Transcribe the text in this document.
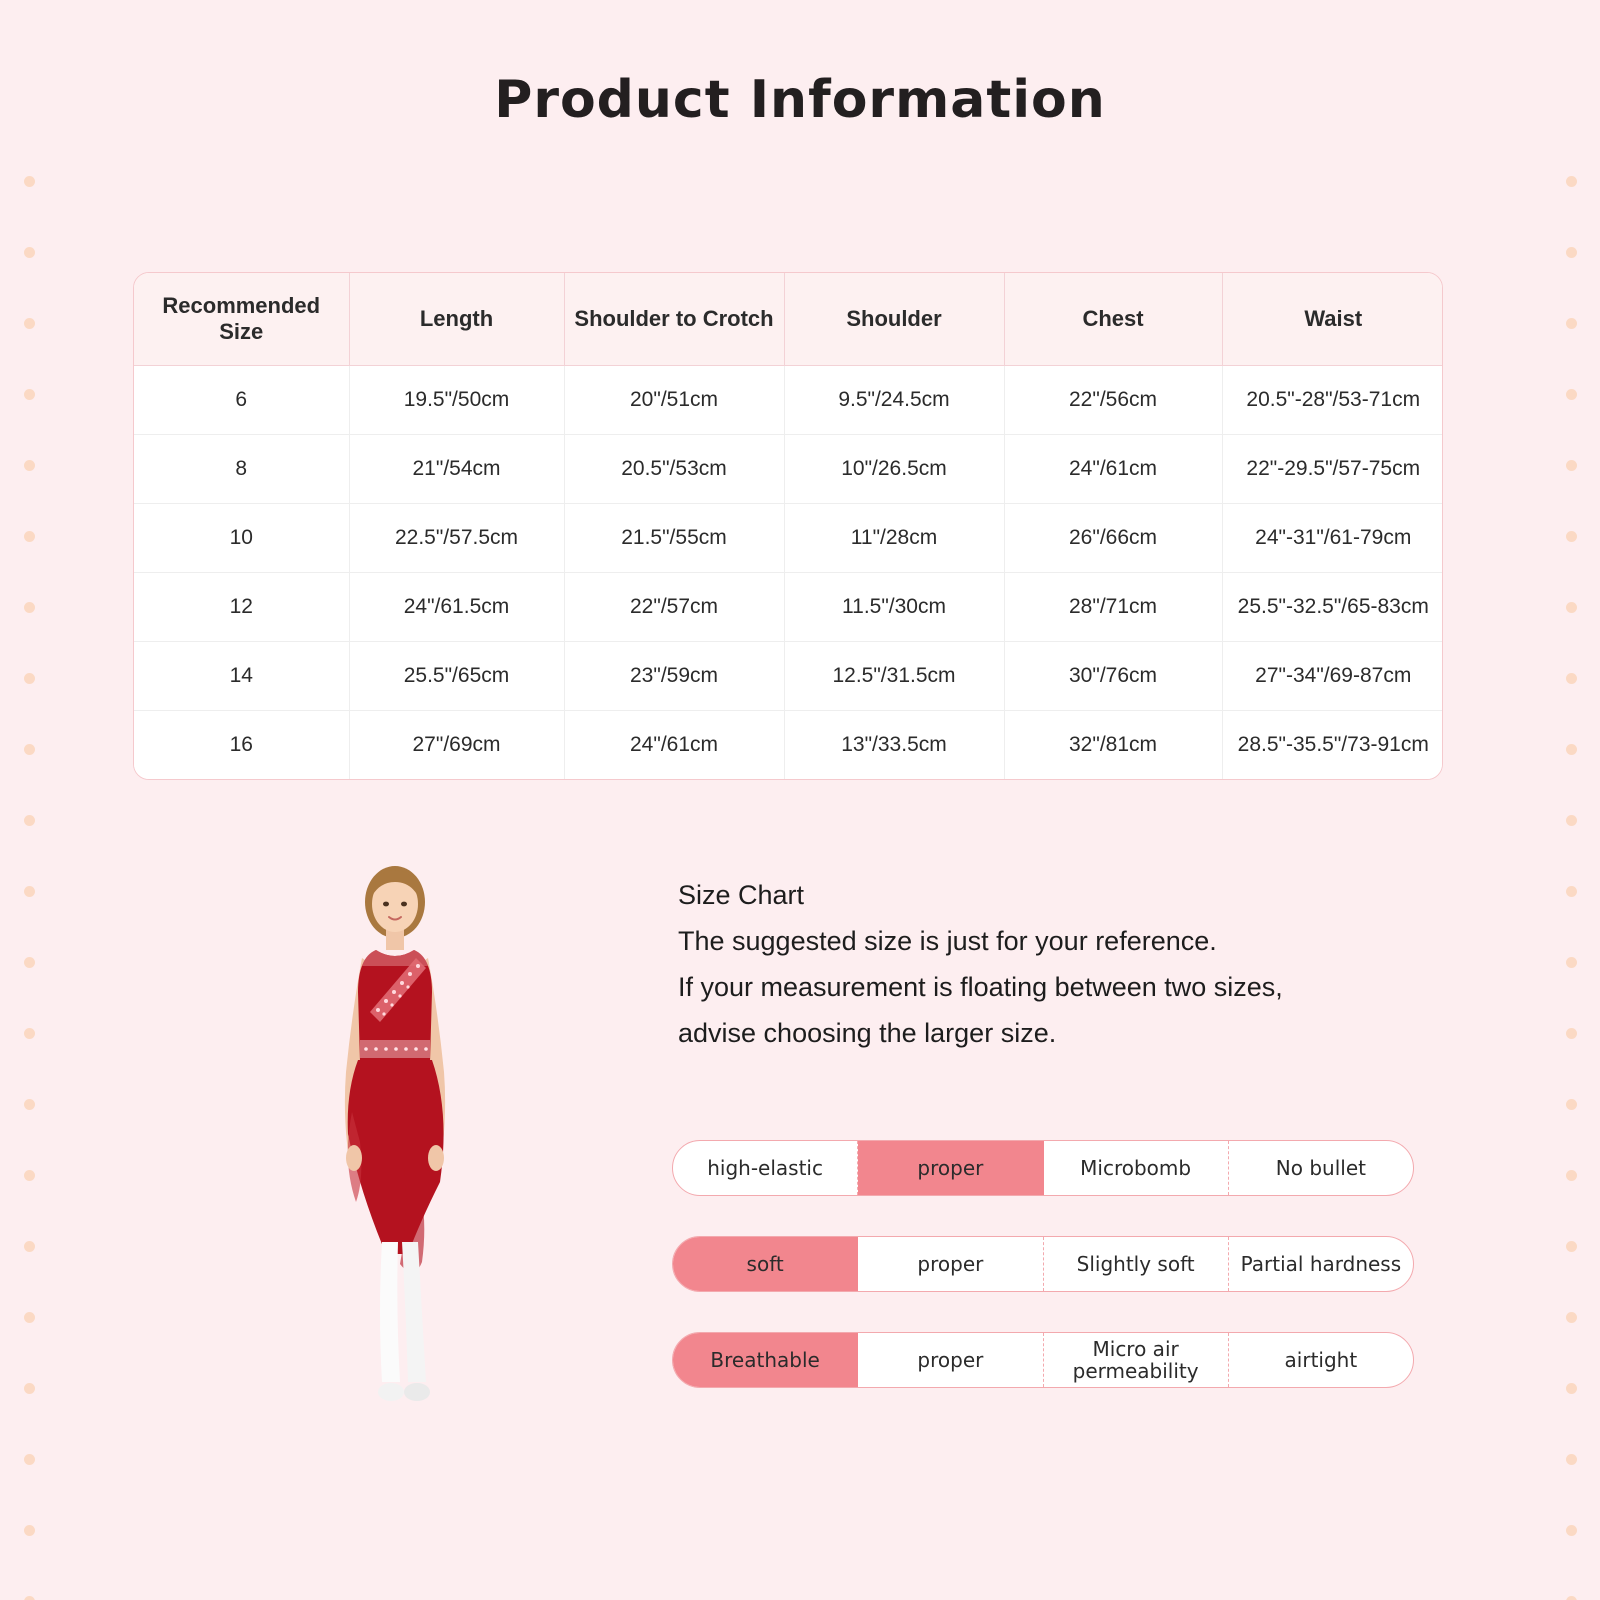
Product Information
Recommended Size	Length	Shoulder to Crotch	Shoulder	Chest	Waist
6	19.5"/50cm	20"/51cm	9.5"/24.5cm	22"/56cm	20.5"-28"/53-71cm
8	21"/54cm	20.5"/53cm	10"/26.5cm	24"/61cm	22"-29.5"/57-75cm
10	22.5"/57.5cm	21.5"/55cm	11"/28cm	26"/66cm	24"-31"/61-79cm
12	24"/61.5cm	22"/57cm	11.5"/30cm	28"/71cm	25.5"-32.5"/65-83cm
14	25.5"/65cm	23"/59cm	12.5"/31.5cm	30"/76cm	27"-34"/69-87cm
16	27"/69cm	24"/61cm	13"/33.5cm	32"/81cm	28.5"-35.5"/73-91cm
Size Chart
The suggested size is just for your reference.
If your measurement is floating between two sizes,
advise choosing the larger size.
high-elastic	proper	Microbomb	No bullet
soft	proper	Slightly soft	Partial hardness
Breathable	proper	Micro air permeability	airtight
